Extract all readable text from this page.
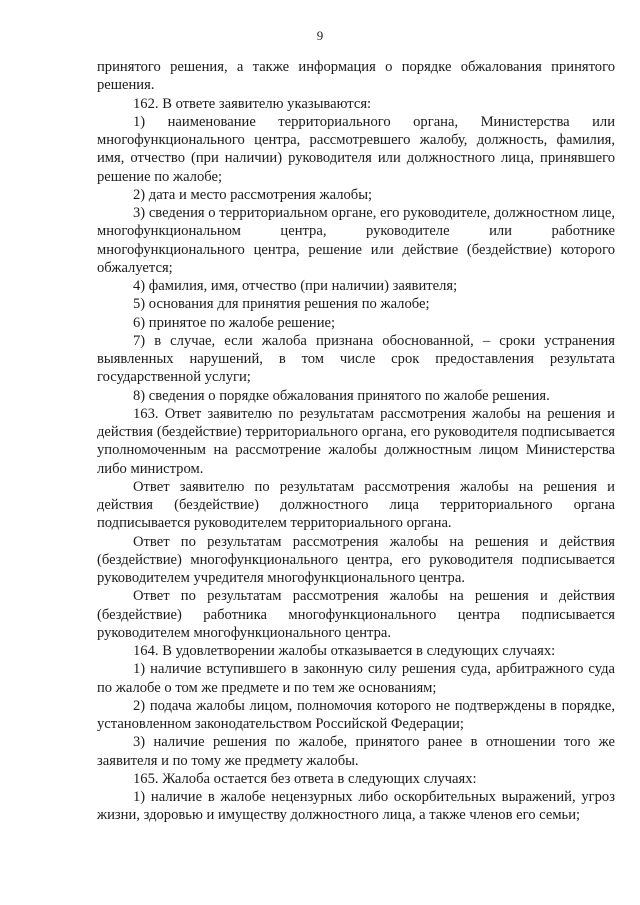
9

принятого решения, а также информация о порядке обжалования принятого решения.

162. В ответе заявителю указываются:

1) наименование территориального органа, Министерства или многофункционального центра, рассмотревшего жалобу, должность, фамилия, имя, отчество (при наличии) руководителя или должностного лица, принявшего решение по жалобе;

2) дата и место рассмотрения жалобы;

3) сведения о территориальном органе, его руководителе, должностном лице, многофункциональном центра, руководителе или работнике многофункционального центра, решение или действие (бездействие) которого обжалуется;

4) фамилия, имя, отчество (при наличии) заявителя;

5) основания для принятия решения по жалобе;

6) принятое по жалобе решение;

7) в случае, если жалоба признана обоснованной, – сроки устранения выявленных нарушений, в том числе срок предоставления результата государственной услуги;

8) сведения о порядке обжалования принятого по жалобе решения.

163. Ответ заявителю по результатам рассмотрения жалобы на решения и действия (бездействие) территориального органа, его руководителя подписывается уполномоченным на рассмотрение жалобы должностным лицом Министерства либо министром.

Ответ заявителю по результатам рассмотрения жалобы на решения и действия (бездействие) должностного лица территориального органа подписывается руководителем территориального органа.

Ответ по результатам рассмотрения жалобы на решения и действия (бездействие) многофункционального центра, его руководителя подписывается руководителем учредителя многофункционального центра.

Ответ по результатам рассмотрения жалобы на решения и действия (бездействие) работника многофункционального центра подписывается руководителем многофункционального центра.

164. В удовлетворении жалобы отказывается в следующих случаях:

1) наличие вступившего в законную силу решения суда, арбитражного суда по жалобе о том же предмете и по тем же основаниям;

2) подача жалобы лицом, полномочия которого не подтверждены в порядке, установленном законодательством Российской Федерации;

3) наличие решения по жалобе, принятого ранее в отношении того же заявителя и по тому же предмету жалобы.

165. Жалоба остается без ответа в следующих случаях:

1) наличие в жалобе нецензурных либо оскорбительных выражений, угроз жизни, здоровью и имуществу должностного лица, а также членов его семьи;
